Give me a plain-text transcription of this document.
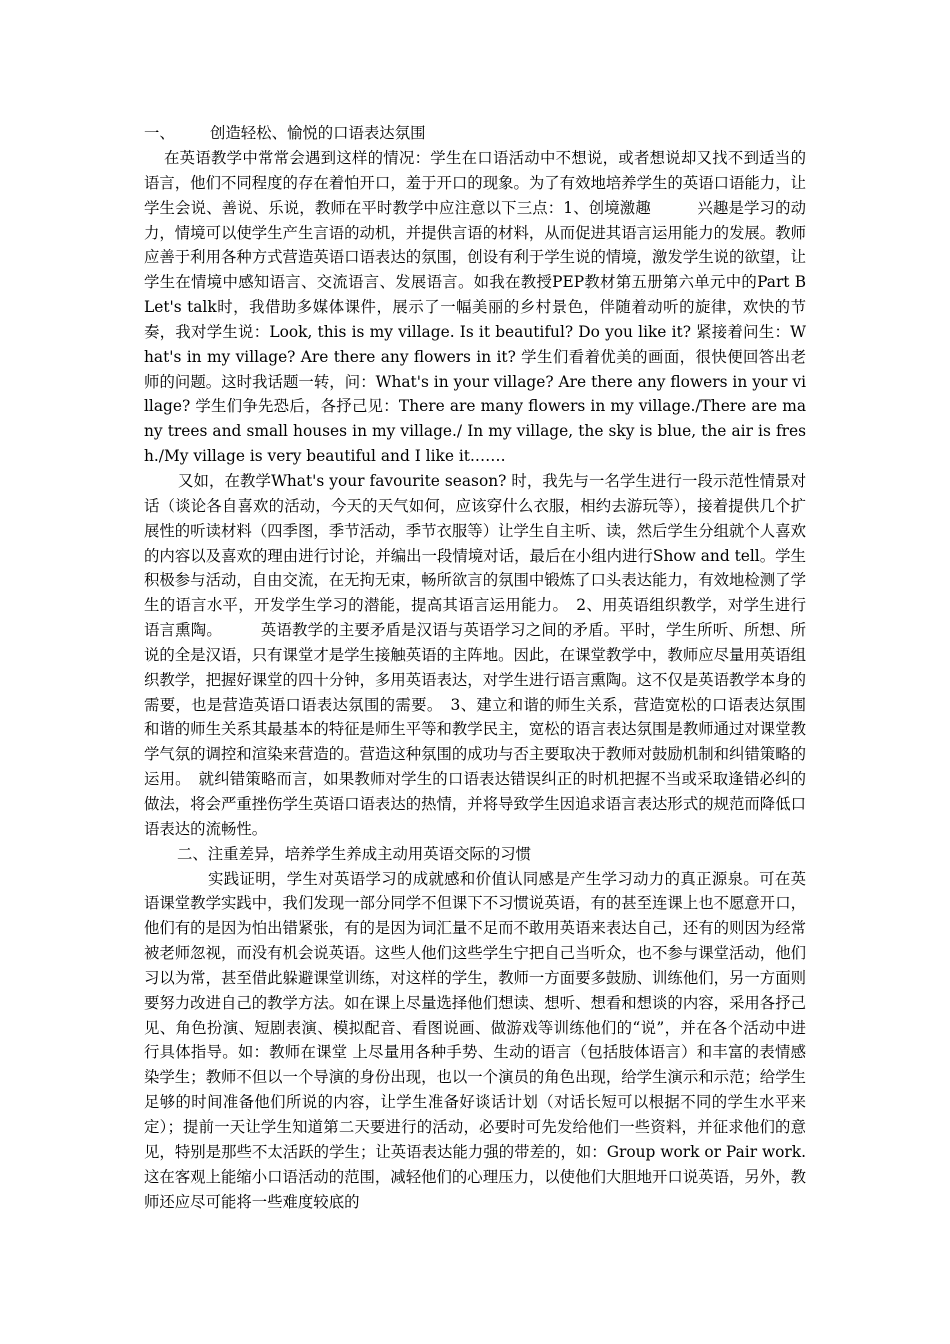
一、 创造轻松、愉悦的口语表达氛围

在英语教学中常常会遇到这样的情况：学生在口语活动中不想说，或者想说却又找不到适当的语言，他们不同程度的存在着怕开口，羞于开口的现象。为了有效地培养学生的英语口语能力，让学生会说、善说、乐说，教师在平时教学中应注意以下三点：1、创境激趣　　　兴趣是学习的动力，情境可以使学生产生言语的动机，并提供言语的材料，从而促进其语言运用能力的发展。教师应善于利用各种方式营造英语口语表达的氛围，创设有利于学生说的情境，激发学生说的欲望，让学生在情境中感知语言、交流语言、发展语言。如我在教授PEP教材第五册第六单元中的Part B Let's talk时，我借助多媒体课件，展示了一幅美丽的乡村景色，伴随着动听的旋律，欢快的节奏，我对学生说：Look, this is my village. Is it beautiful? Do you like it? 紧接着问生：What's in my village? Are there any flowers in it? 学生们看着优美的画面，很快便回答出老师的问题。这时我话题一转，问：What's in your village? Are there any flowers in your village? 学生们争先恐后，各抒己见：There are many flowers in my village./There are many trees and small houses in my village./ In my village, the sky is blue, the air is fresh./My village is very beautiful and I like it.……

又如，在教学What's your favourite season? 时，我先与一名学生进行一段示范性情景对话（谈论各自喜欢的活动，今天的天气如何，应该穿什么衣服，相约去游玩等），接着提供几个扩展性的听读材料（四季图，季节活动，季节衣服等）让学生自主听、读，然后学生分组就个人喜欢的内容以及喜欢的理由进行讨论，并编出一段情境对话，最后在小组内进行Show and tell。学生积极参与活动，自由交流，在无拘无束，畅所欲言的氛围中锻炼了口头表达能力，有效地检测了学生的语言水平，开发学生学习的潜能，提高其语言运用能力。　2、用英语组织教学，对学生进行语言熏陶。　　　英语教学的主要矛盾是汉语与英语学习之间的矛盾。平时，学生所听、所想、所说的全是汉语，只有课堂才是学生接触英语的主阵地。因此，在课堂教学中，教师应尽量用英语组织教学，把握好课堂的四十分钟，多用英语表达，对学生进行语言熏陶。这不仅是英语教学本身的需要，也是营造英语口语表达氛围的需要。　3、建立和谐的师生关系，营造宽松的口语表达氛围　　　和谐的师生关系其最基本的特征是师生平等和教学民主，宽松的语言表达氛围是教师通过对课堂教学气氛的调控和渲染来营造的。营造这种氛围的成功与否主要取决于教师对鼓励机制和纠错策略的运用。　就纠错策略而言，如果教师对学生的口语表达错误纠正的时机把握不当或采取逢错必纠的做法，将会严重挫伤学生英语口语表达的热情，并将导致学生因追求语言表达形式的规范而降低口语表达的流畅性。

二、注重差异，培养学生养成主动用英语交际的习惯

实践证明，学生对英语学习的成就感和价值认同感是产生学习动力的真正源泉。可在英语课堂教学实践中，我们发现一部分同学不但课下不习惯说英语，有的甚至连课上也不愿意开口，他们有的是因为怕出错紧张，有的是因为词汇量不足而不敢用英语来表达自己，还有的则因为经常被老师忽视，而没有机会说英语。这些人他们这些学生宁把自己当听众，也不参与课堂活动，他们习以为常，甚至借此躲避课堂训练，对这样的学生，教师一方面要多鼓励、训练他们，另一方面则要努力改进自己的教学方法。如在课上尽量选择他们想读、想听、想看和想谈的内容，采用各抒己见、角色扮演、短剧表演、模拟配音、看图说画、做游戏等训练他们的“说”，并在各个活动中进行具体指导。如：教师在课堂 上尽量用各种手势、生动的语言（包括肢体语言）和丰富的表情感染学生；教师不但以一个导演的身份出现，也以一个演员的角色出现，给学生演示和示范；给学生足够的时间准备他们所说的内容，让学生准备好谈话计划（对话长短可以根据不同的学生水平来定）；提前一天让学生知道第二天要进行的活动，必要时可先发给他们一些资料，并征求他们的意见，特别是那些不太活跃的学生；让英语表达能力强的带差的，如：Group work or Pair work. 这在客观上能缩小口语活动的范围，减轻他们的心理压力，以使他们大胆地开口说英语，另外，教师还应尽可能将一些难度较底的
